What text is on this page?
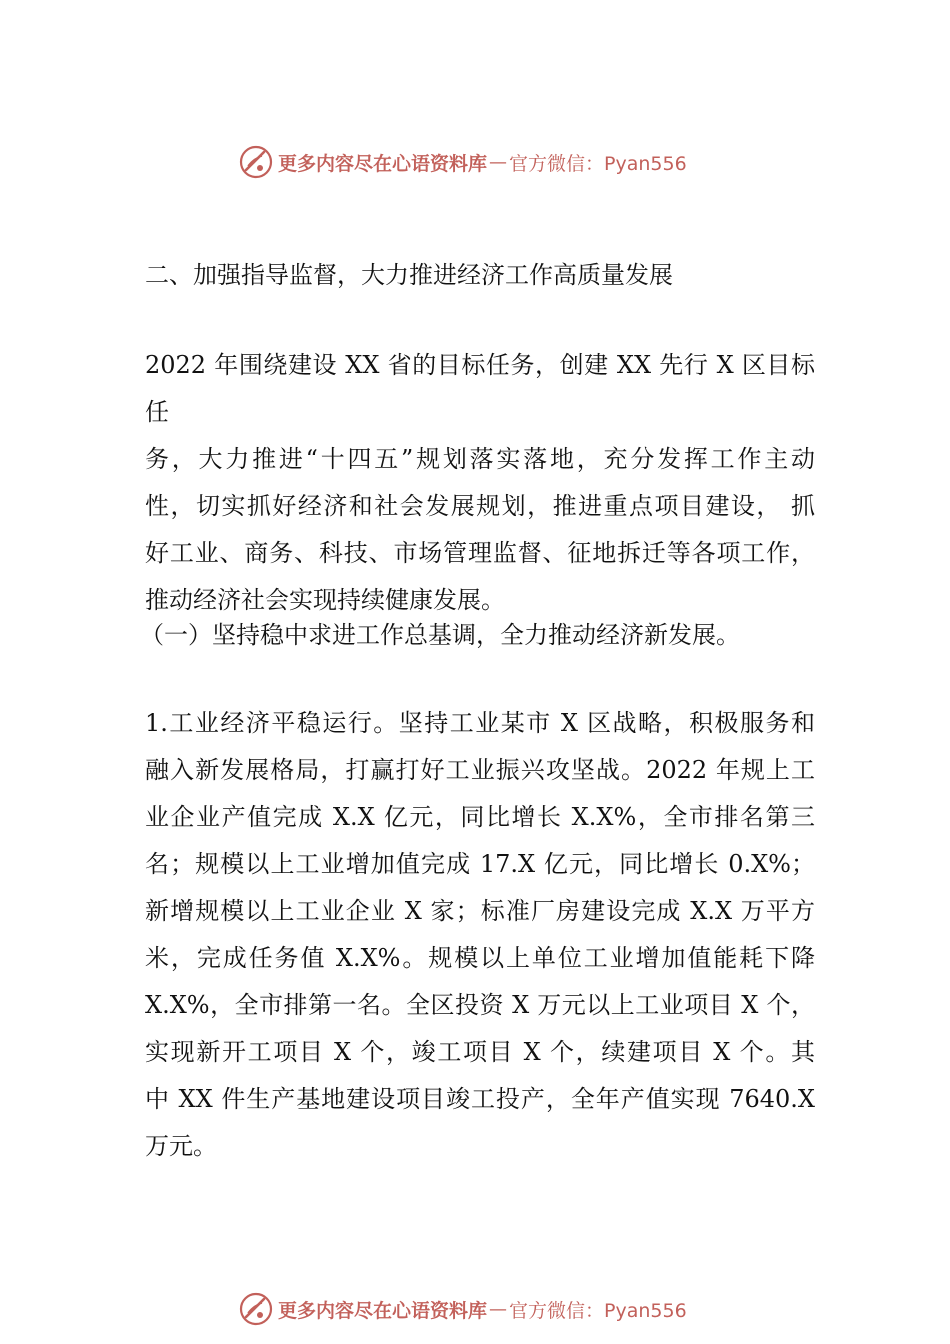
更多内容尽在心语资料库 — 官方微信：Pyan556
二、加强指导监督，大力推进经济工作高质量发展
2022 年围绕建设 XX 省的目标任务，创建 XX 先行 X 区目标任
务，大力推进“十四五”规划落实落地，充分发挥工作主动
性，切实抓好经济和社会发展规划，推进重点项目建设， 抓
好工业、商务、科技、市场管理监督、征地拆迁等各项工作，
推动经济社会实现持续健康发展。
（一）坚持稳中求进工作总基调，全力推动经济新发展。
1.工业经济平稳运行。坚持工业某市 X 区战略，积极服务和
融入新发展格局，打赢打好工业振兴攻坚战。2022 年规上工
业企业产值完成 X.X 亿元，同比增长 X.X%，全市排名第三
名；规模以上工业增加值完成 17.X 亿元，同比增长 0.X%；
新增规模以上工业企业 X 家；标准厂房建设完成 X.X 万平方
米，完成任务值 X.X%。规模以上单位工业增加值能耗下降
X.X%，全市排第一名。全区投资 X 万元以上工业项目 X 个，
实现新开工项目 X 个，竣工项目 X 个，续建项目 X 个。其
中 XX 件生产基地建设项目竣工投产，全年产值实现 7640.X
万元。
更多内容尽在心语资料库 — 官方微信：Pyan556
